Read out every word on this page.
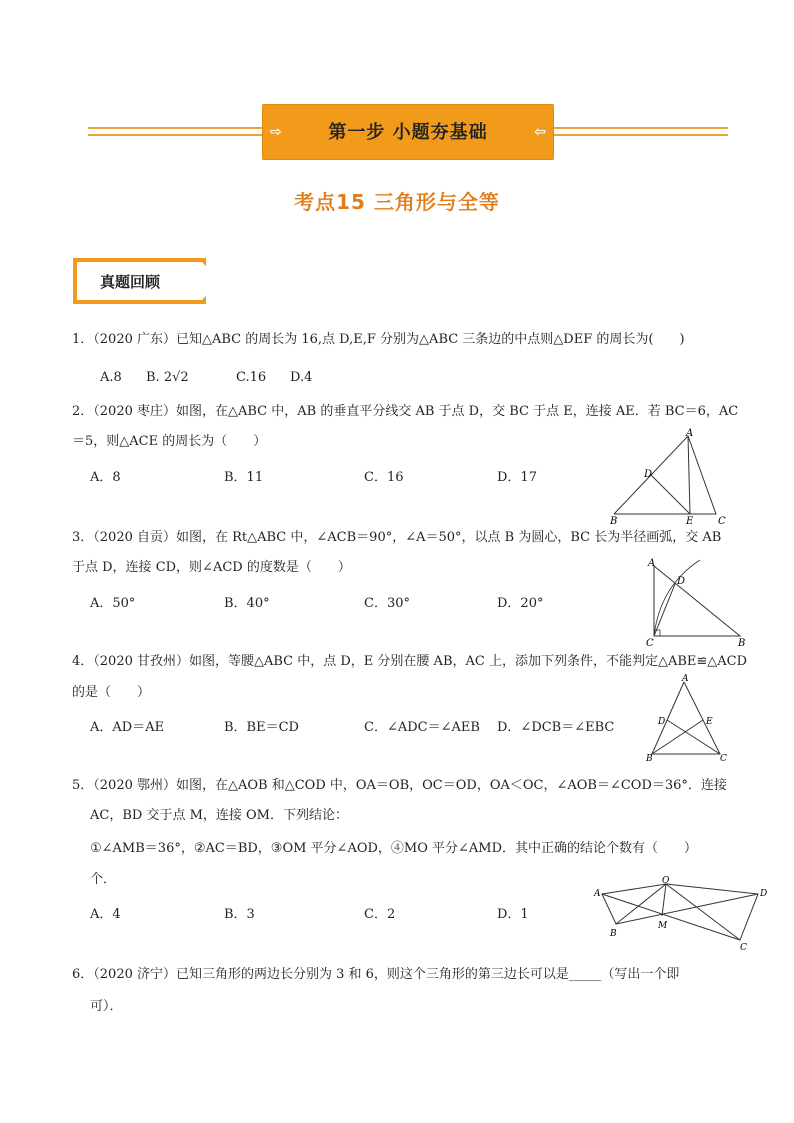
⇨	第一步 小题夯基础	⇦
考点15 三角形与全等
真题回顾
1．（2020 广东）已知△ABC 的周长为 16,点 D,E,F 分别为△ABC 三条边的中点则△DEF 的周长为(　　)
A.8 B. 2√2	C.16 D.4
2．（2020 枣庄）如图，在△ABC 中，AB 的垂直平分线交 AB 于点 D，交 BC 于点 E，连接 AE．若 BC＝6，AC
＝5，则△ACE 的周长为（　　）
A．8	B．11	C．16	D．17
A
D
B	E C
3．（2020 自贡）如图，在 Rt△ABC 中，∠ACB＝90°，∠A＝50°，以点 B 为圆心，BC 长为半径画弧，交 AB
于点 D，连接 CD，则∠ACD 的度数是（　　）
A．50°	B．40°	C．30°	D．20°
A
D
C	B
4．（2020 甘孜州）如图，等腰△ABC 中，点 D，E 分别在腰 AB，AC 上，添加下列条件，不能判定△ABE≌△ACD
的是（　　）
A．AD＝AE	B．BE＝CD	C．∠ADC＝∠AEB D．∠DCB＝∠EBC
A
D	E
B	C
5．（2020 鄂州）如图，在△AOB 和△COD 中，OA＝OB，OC＝OD，OA＜OC，∠AOB＝∠COD＝36°．连接
AC，BD 交于点 M，连接 OM．下列结论：
①∠AMB＝36°，②AC＝BD，③OM 平分∠AOD，④MO 平分∠AMD．其中正确的结论个数有（　　）
个．
A．4	B．3	C．2	D．1
A
O
D
B
M
C
6．（2020 济宁）已知三角形的两边长分别为 3 和 6，则这个三角形的第三边长可以是_____（写出一个即
可）．
